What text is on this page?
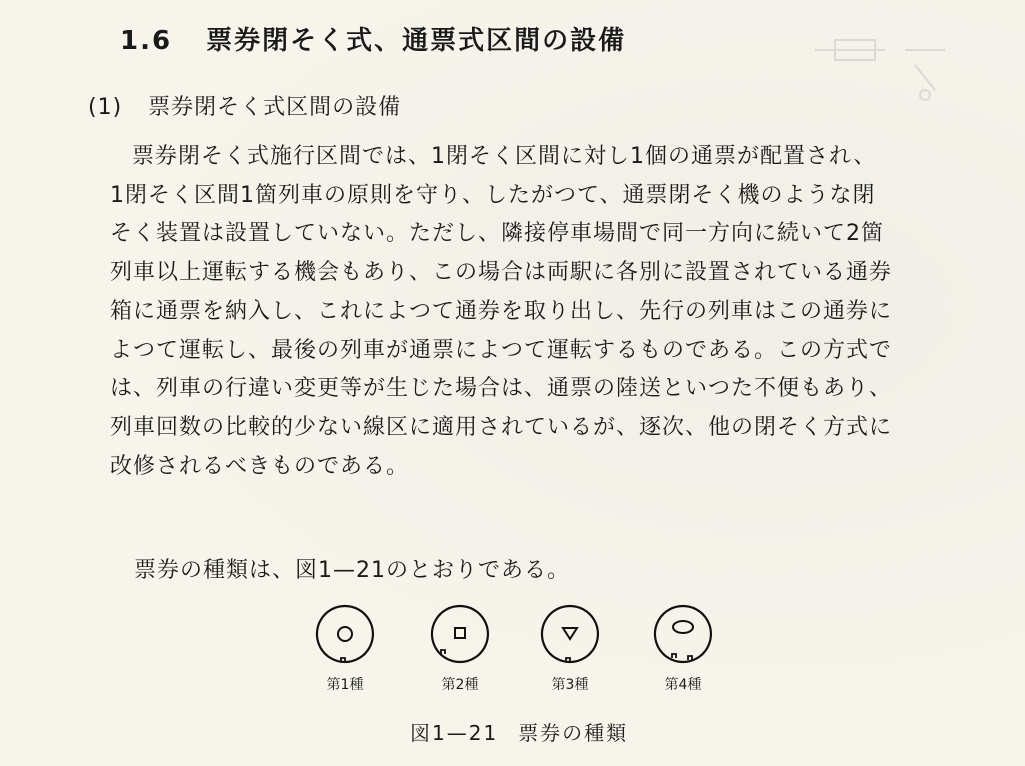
1.6 票券閉そく式、通票式区間の設備
(1) 票券閉そく式区間の設備
票券閉そく式施行区間では、1閉そく区間に対し1個の通票が配置され、
1閉そく区間1箇列車の原則を守り、したがつて、通票閉そく機のような閉
そく装置は設置していない。ただし、隣接停車場間で同一方向に続いて2箇
列車以上運転する機会もあり、この場合は両駅に各別に設置されている通券
箱に通票を納入し、これによつて通券を取り出し、先行の列車はこの通券に
よつて運転し、最後の列車が通票によつて運転するものである。この方式で
は、列車の行違い変更等が生じた場合は、通票の陸送といつた不便もあり、
列車回数の比較的少ない線区に適用されているが、逐次、他の閉そく方式に
改修されるべきものである。
票券の種類は、図1—21のとおりである。
第1種	第2種	第3種	第4種
図1—21 票券の種類
